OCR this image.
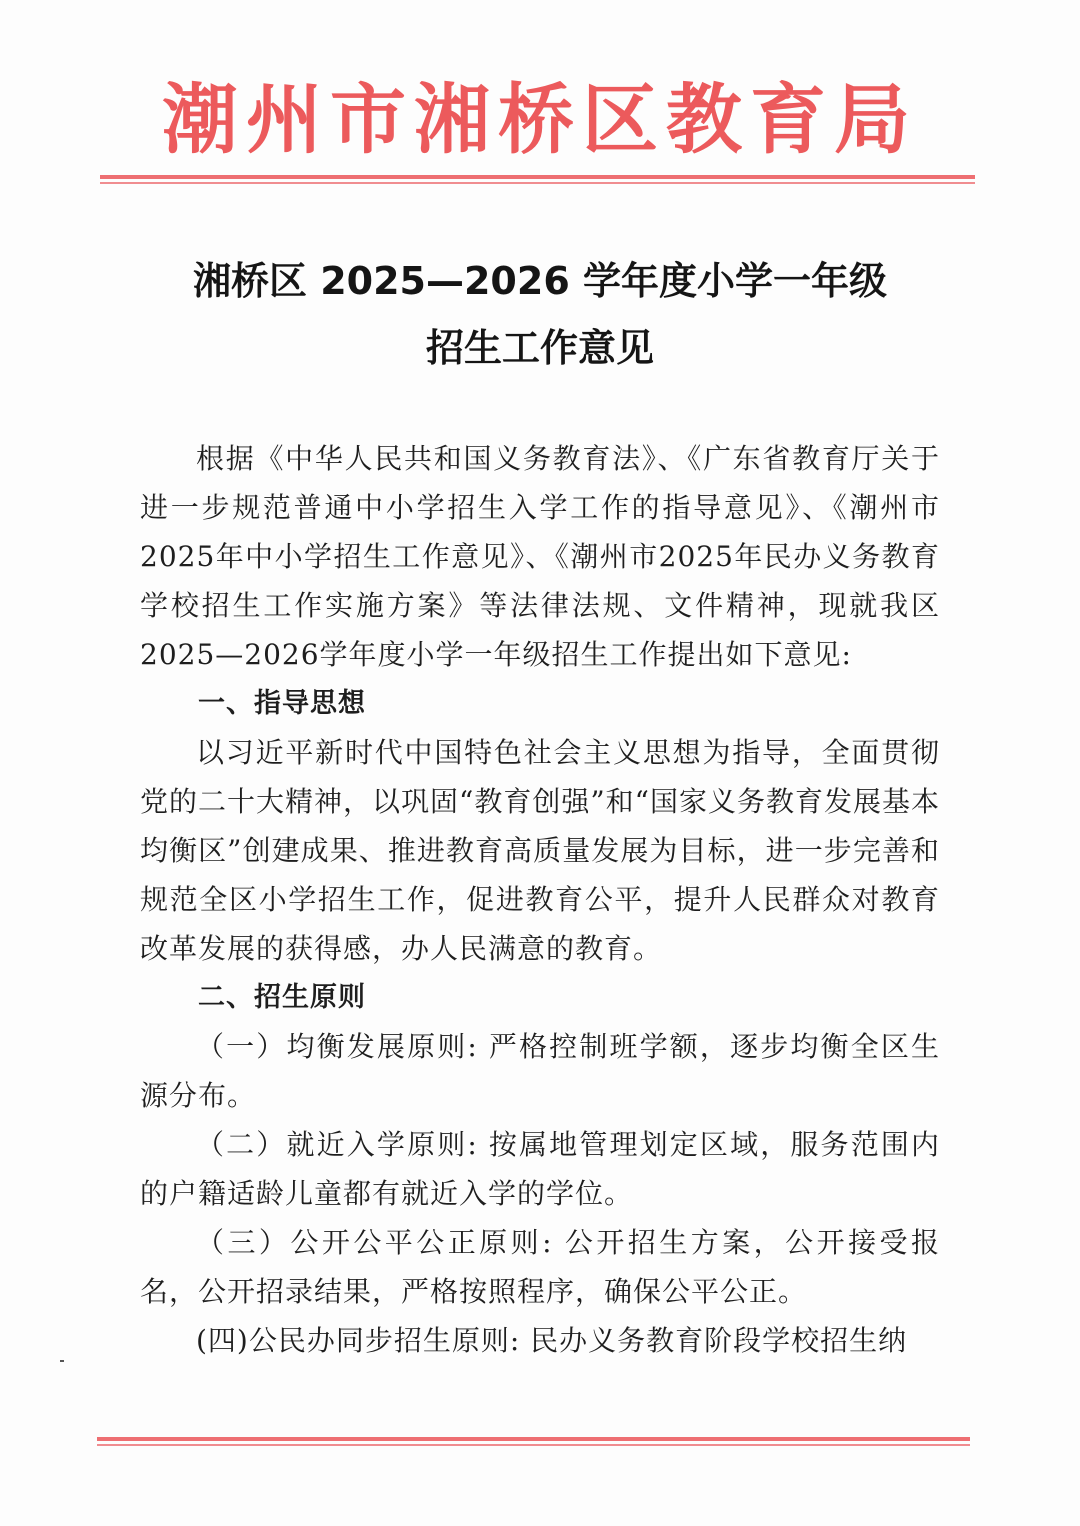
潮州市湘桥区教育局
湘桥区 2025—2026 学年度小学一年级
招生工作意见

根据《中华人民共和国义务教育法》、《广东省教育厅关于进一步规范普通中小学招生入学工作的指导意见》、《潮州市2025年中小学招生工作意见》、《潮州市2025年民办义务教育学校招生工作实施方案》等法律法规、文件精神，现就我区2025—2026学年度小学一年级招生工作提出如下意见:

一、指导思想

以习近平新时代中国特色社会主义思想为指导，全面贯彻党的二十大精神，以巩固“教育创强”和“国家义务教育发展基本均衡区”创建成果、推进教育高质量发展为目标，进一步完善和规范全区小学招生工作，促进教育公平，提升人民群众对教育改革发展的获得感，办人民满意的教育。

二、招生原则

（一）均衡发展原则: 严格控制班学额，逐步均衡全区生源分布。

（二）就近入学原则: 按属地管理划定区域，服务范围内的户籍适龄儿童都有就近入学的学位。

（三）公开公平公正原则: 公开招生方案，公开接受报名，公开招录结果，严格按照程序，确保公平公正。

(四)公民办同步招生原则: 民办义务教育阶段学校招生纳
